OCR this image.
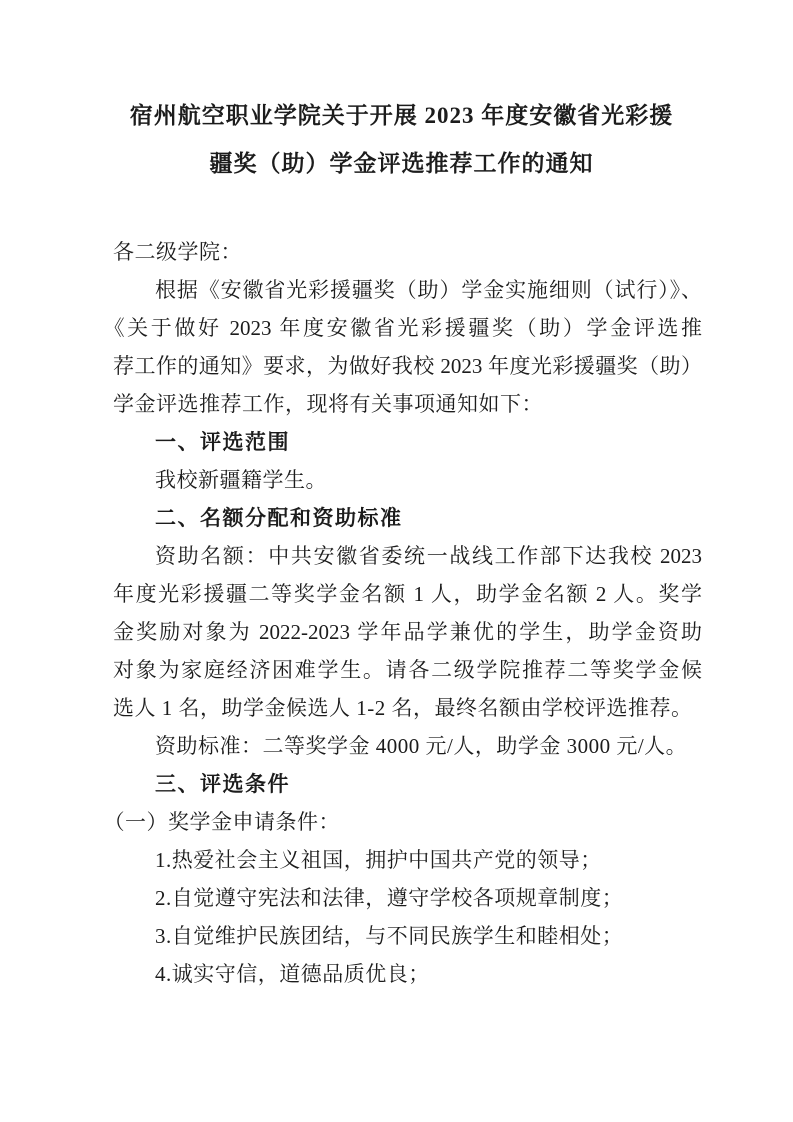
宿州航空职业学院关于开展 2023 年度安徽省光彩援
疆奖（助）学金评选推荐工作的通知

各二级学院：

根据《安徽省光彩援疆奖（助）学金实施细则（试行）》、

《关于做好 2023 年度安徽省光彩援疆奖（助）学金评选推

荐工作的通知》要求，为做好我校 2023 年度光彩援疆奖（助）

学金评选推荐工作，现将有关事项通知如下：

一、评选范围

我校新疆籍学生。

二、名额分配和资助标准

资助名额：中共安徽省委统一战线工作部下达我校 2023

年度光彩援疆二等奖学金名额 1 人，助学金名额 2 人。奖学

金奖励对象为 2022-2023 学年品学兼优的学生，助学金资助

对象为家庭经济困难学生。请各二级学院推荐二等奖学金候

选人 1 名，助学金候选人 1-2 名，最终名额由学校评选推荐。

资助标准：二等奖学金 4000 元/人，助学金 3000 元/人。

三、评选条件

（一）奖学金申请条件：

1.热爱社会主义祖国，拥护中国共产党的领导；

2.自觉遵守宪法和法律，遵守学校各项规章制度；

3.自觉维护民族团结，与不同民族学生和睦相处；

4.诚实守信，道德品质优良；
